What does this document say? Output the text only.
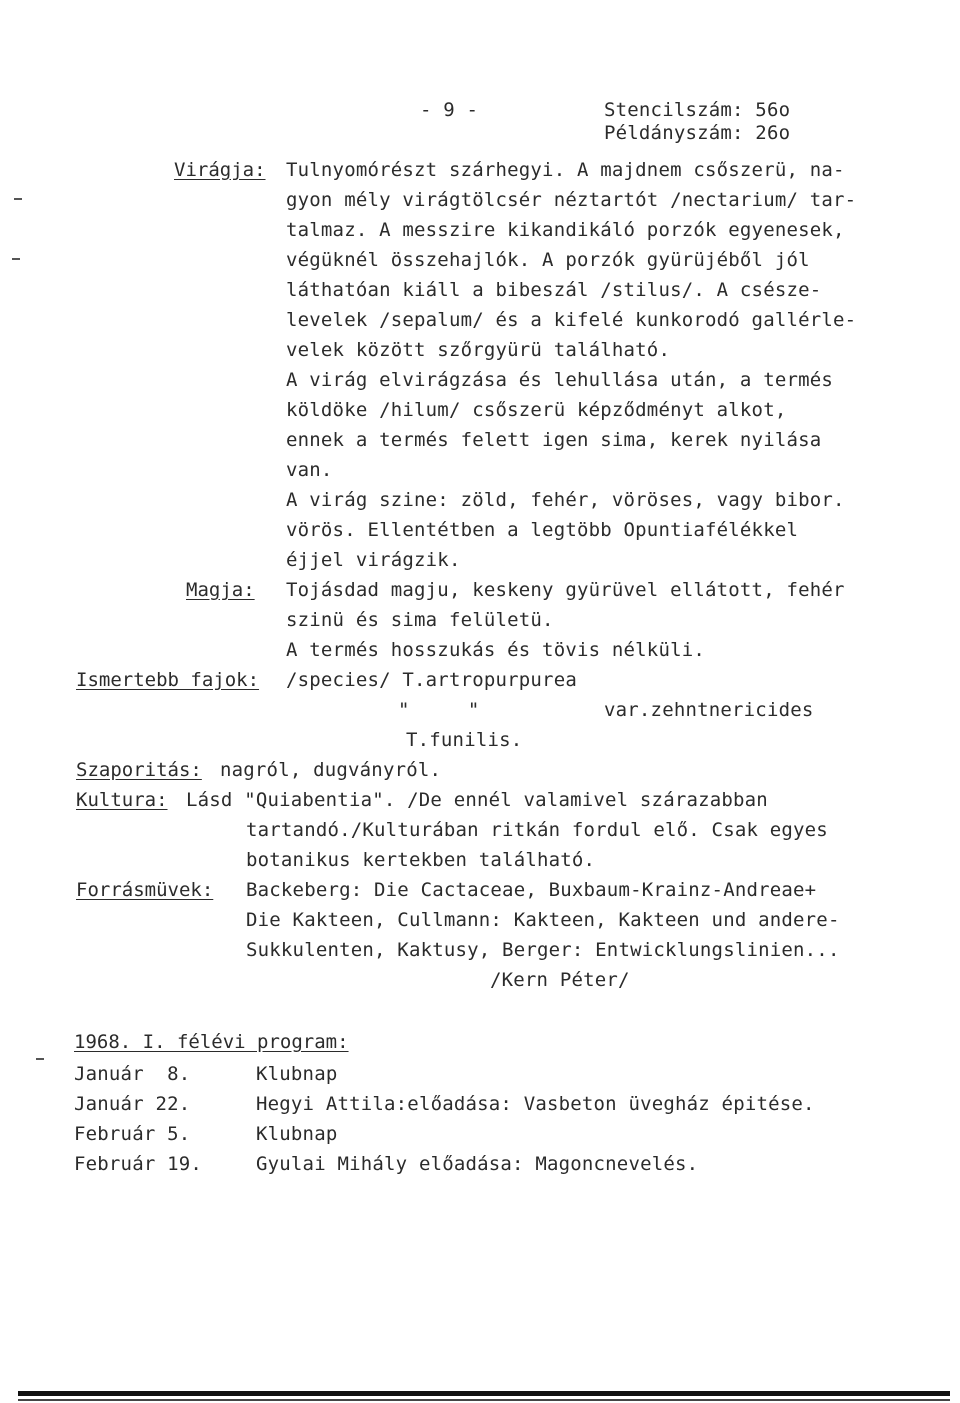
- 9 -	Stencilszám: 56o
Példányszám: 26o
Virágja: Tulnyomórészt szárhegyi. A majdnem csőszerü, na-
gyon mély virágtölcsér néztartót /nectarium/ tar-
talmaz. A messzire kikandikáló porzók egyenesek,
végüknél összehajlók. A porzók gyürüjéből jól
láthatóan kiáll a bibeszál /stilus/. A csésze-
levelek /sepalum/ és a kifelé kunkorodó gallérle-
velek között szőrgyürü található.
A virág elvirágzása és lehullása után, a termés
köldöke /hilum/ csőszerü képződményt alkot,
ennek a termés felett igen sima, kerek nyilása
van.
A virág szine: zöld, fehér, vöröses, vagy bibor.
vörös. Ellentétben a legtöbb Opuntiafélékkel
éjjel virágzik.
Magja: Tojásdad magju, keskeny gyürüvel ellátott, fehér
szinü és sima felületü.
A termés hosszukás és tövis nélküli.
Ismertebb fajok: /species/ T.artropurpurea
"     "	var.zehntnericides
T.funilis.
Szaporitás: nagról, dugványról.
Kultura: Lásd "Quiabentia". /De ennél valamivel szárazabban
tartandó./Kulturában ritkán fordul elő. Csak egyes
botanikus kertekben található.
Forrásmüvek: Backeberg: Die Cactaceae, Buxbaum-Krainz-Andreae+
Die Kakteen, Cullmann: Kakteen, Kakteen und andere-
Sukkulenten, Kaktusy, Berger: Entwicklungslinien...
/Kern Péter/
1968. I. félévi program:
Január  8.	Klubnap
Január 22.	Hegyi Attila:előadása: Vasbeton üvegház épitése.
Február 5.	Klubnap
Február 19.	Gyulai Mihály előadása: Magoncnevelés.
